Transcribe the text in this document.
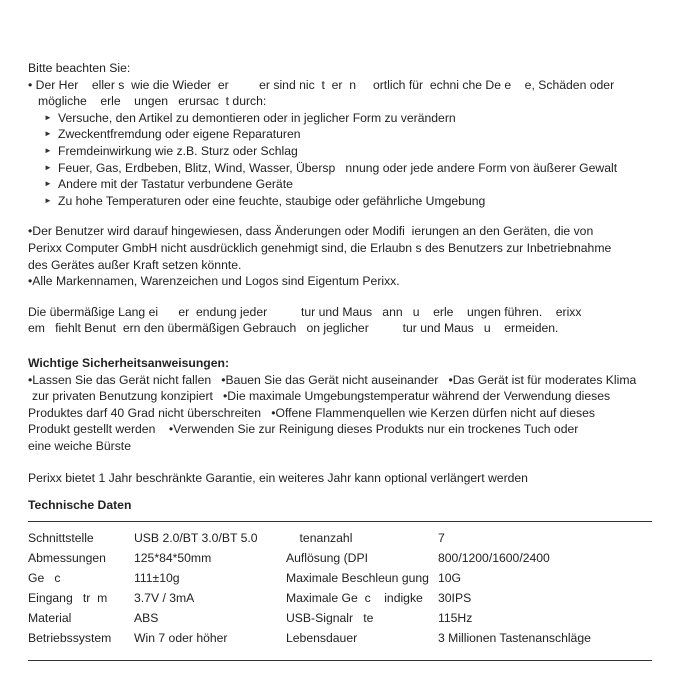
Bitte beachten Sie:

• Der Her    eller s  wie die Wieder  er         er sind nic  t  er  n     ortlich für  echni che De e    e, Schäden oder

mögliche    erle    ungen   erursac  t durch:

► Versuche, den Artikel zu demontieren oder in jeglicher Form zu verändern
► Zweckentfremdung oder eigene Reparaturen
► Fremdeinwirkung wie z.B. Sturz oder Schlag
► Feuer, Gas, Erdbeben, Blitz, Wind, Wasser, Übersp   nnung oder jede andere Form von äußerer Gewalt
► Andere mit der Tastatur verbundene Geräte
► Zu hohe Temperaturen oder eine feuchte, staubige oder gefährliche Umgebung

•Der Benutzer wird darauf hingewiesen, dass Änderungen oder Modifi  ierungen an den Geräten, die von

Perixx Computer GmbH nicht ausdrücklich genehmigt sind, die Erlaubn s des Benutzers zur Inbetriebnahme

des Gerätes außer Kraft setzen könnte.

•Alle Markennamen, Warenzeichen und Logos sind Eigentum Perixx.

Die übermäßige Lang ei      er  endung jeder          tur und Maus   ann   u    erle    ungen führen.    erixx

em   fiehlt Benut  ern den übermäßigen Gebrauch   on jeglicher          tur und Maus   u    ermeiden.

Wichtige Sicherheitsanweisungen:

•Lassen Sie das Gerät nicht fallen   •Bauen Sie das Gerät nicht auseinander   •Das Gerät ist für moderates Klima

zur privaten Benutzung konzipiert   •Die maximale Umgebungstemperatur während der Verwendung dieses

Produktes darf 40 Grad nicht überschreiten   •Offene Flammenquellen wie Kerzen dürfen nicht auf dieses

Produkt gestellt werden    •Verwenden Sie zur Reinigung dieses Produkts nur ein trockenes Tuch oder

eine weiche Bürste

Perixx bietet 1 Jahr beschränkte Garantie, ein weiteres Jahr kann optional verlängert werden

Technische Daten
Schnittstelle	USB 2.0/BT 3.0/BT 5.0	tenanzahl	7
Abmessungen	125*84*50mm	Auflösung (DPI	800/1200/1600/2400
Ge   c	111±10g	Maximale Beschleun gung	10G
Eingang   tr  m	3.7V / 3mA	Maximale Ge  c    indigke	30IPS
Material	ABS	USB-Signalr   te	115Hz
Betriebssystem	Win 7 oder höher	Lebensdauer	3 Millionen Tastenanschläge
